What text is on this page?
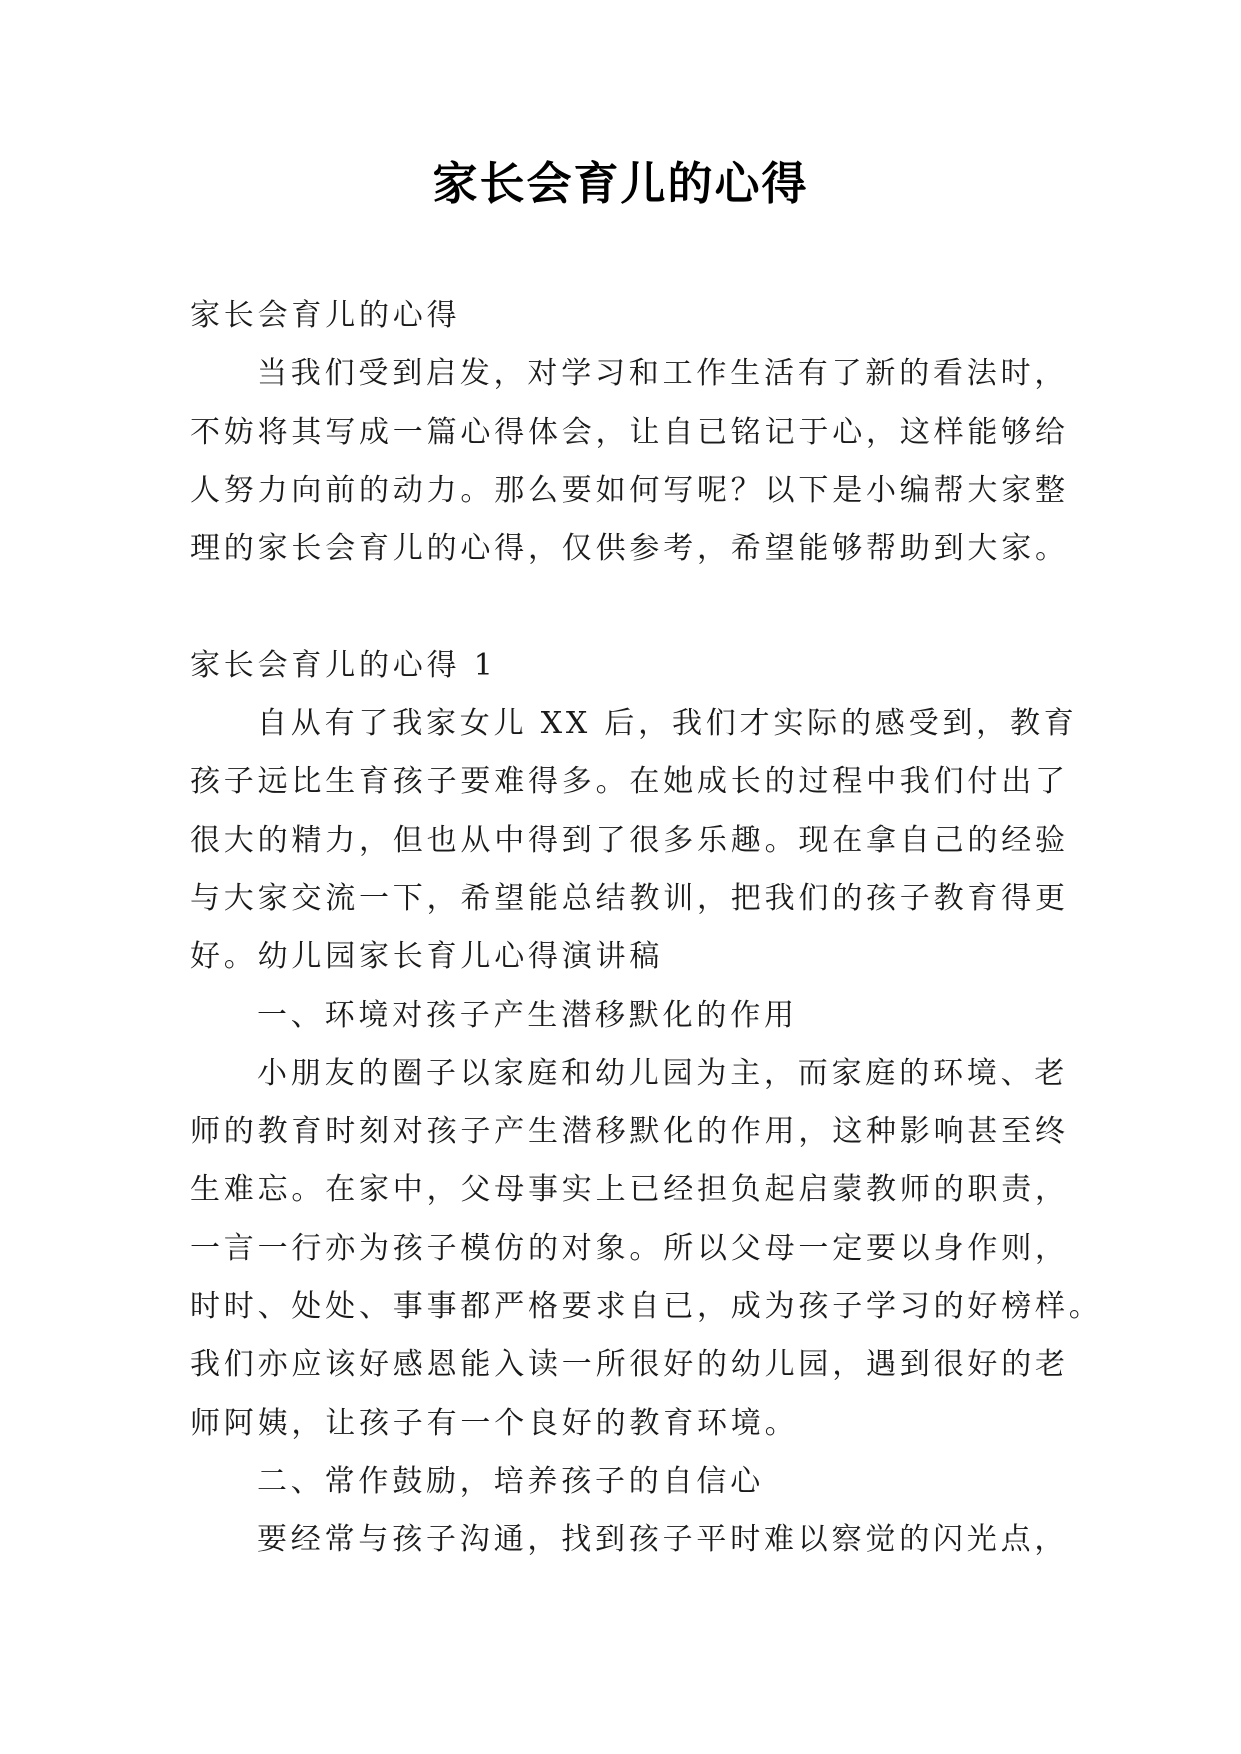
家长会育儿的心得
家长会育儿的心得
当我们受到启发，对学习和工作生活有了新的看法时，
不妨将其写成一篇心得体会，让自已铭记于心，这样能够给
人努力向前的动力。那么要如何写呢？以下是小编帮大家整
理的家长会育儿的心得，仅供参考，希望能够帮助到大家。
家长会育儿的心得 1
自从有了我家女儿 XX 后，我们才实际的感受到，教育
孩子远比生育孩子要难得多。在她成长的过程中我们付出了
很大的精力，但也从中得到了很多乐趣。现在拿自己的经验
与大家交流一下，希望能总结教训，把我们的孩子教育得更
好。幼儿园家长育儿心得演讲稿
一、环境对孩子产生潜移默化的作用
小朋友的圈子以家庭和幼儿园为主，而家庭的环境、老
师的教育时刻对孩子产生潜移默化的作用，这种影响甚至终
生难忘。在家中，父母事实上已经担负起启蒙教师的职责，
一言一行亦为孩子模仿的对象。所以父母一定要以身作则，
时时、处处、事事都严格要求自已，成为孩子学习的好榜样。
我们亦应该好感恩能入读一所很好的幼儿园，遇到很好的老
师阿姨，让孩子有一个良好的教育环境。
二、常作鼓励，培养孩子的自信心
要经常与孩子沟通，找到孩子平时难以察觉的闪光点，
